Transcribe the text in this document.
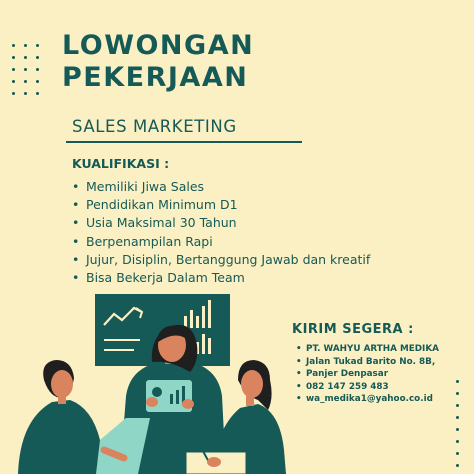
LOWONGAN
PEKERJAAN
SALES MARKETING
KUALIFIKASI :
• Memiliki Jiwa Sales
• Pendidikan Minimum D1
• Usia Maksimal 30 Tahun
• Berpenampilan Rapi
• Jujur, Disiplin, Bertanggung Jawab dan kreatif
• Bisa Bekerja Dalam Team
KIRIM SEGERA :
• PT. WAHYU ARTHA MEDIKA
• Jalan Tukad Barito No. 8B,
• Panjer Denpasar
• 082 147 259 483
• wa_medika1@yahoo.co.id
